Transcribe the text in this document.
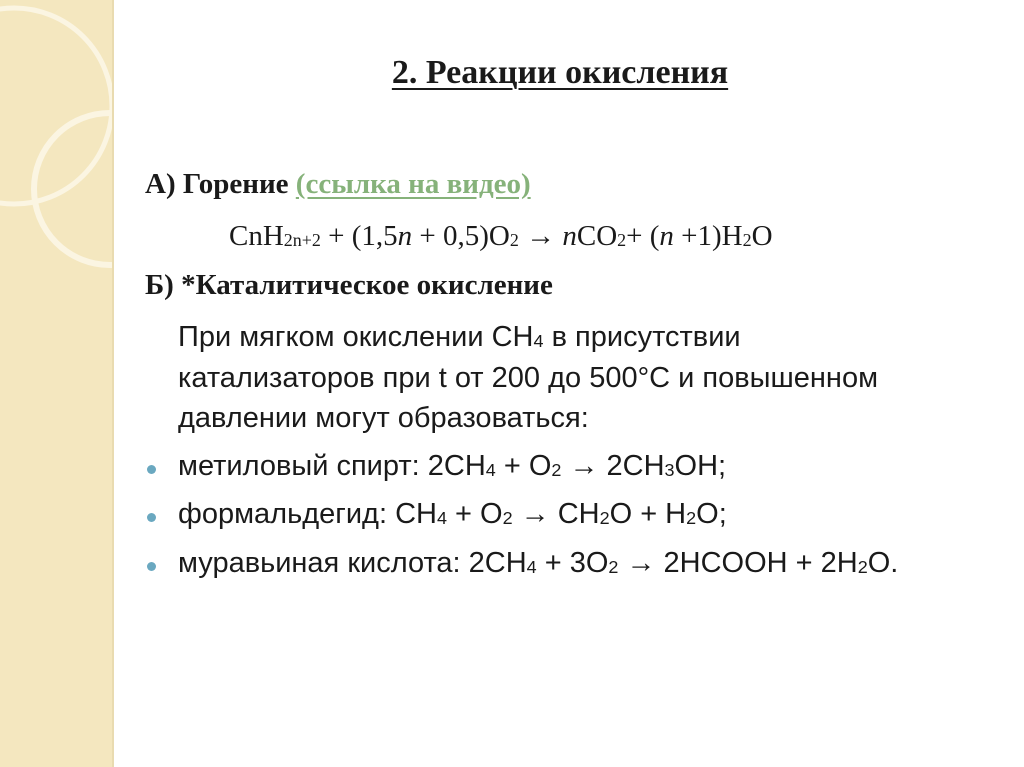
2. Реакции окисления
А) Горение (ссылка на видео)
$CnH_{2n+2} + (1,5n + 0,5)O_2 \to nCO_2+ (n +1)H_2O$
Б) *Каталитическое окисление
При мягком окислении $CH_4$ в присутствии
катализаторов при t от 200 до 500°С и повышенном
давлении могут образоваться:
метиловый спирт: $2CH_4 + O_2 \to 2CH_3OH$;
формальдегид: $CH_4 + O_2 \to CH_2O + H_2O$;
муравьиная кислота: $2CH_4 + 3O_2$ → 2HCOOH + $2H_2O$.
